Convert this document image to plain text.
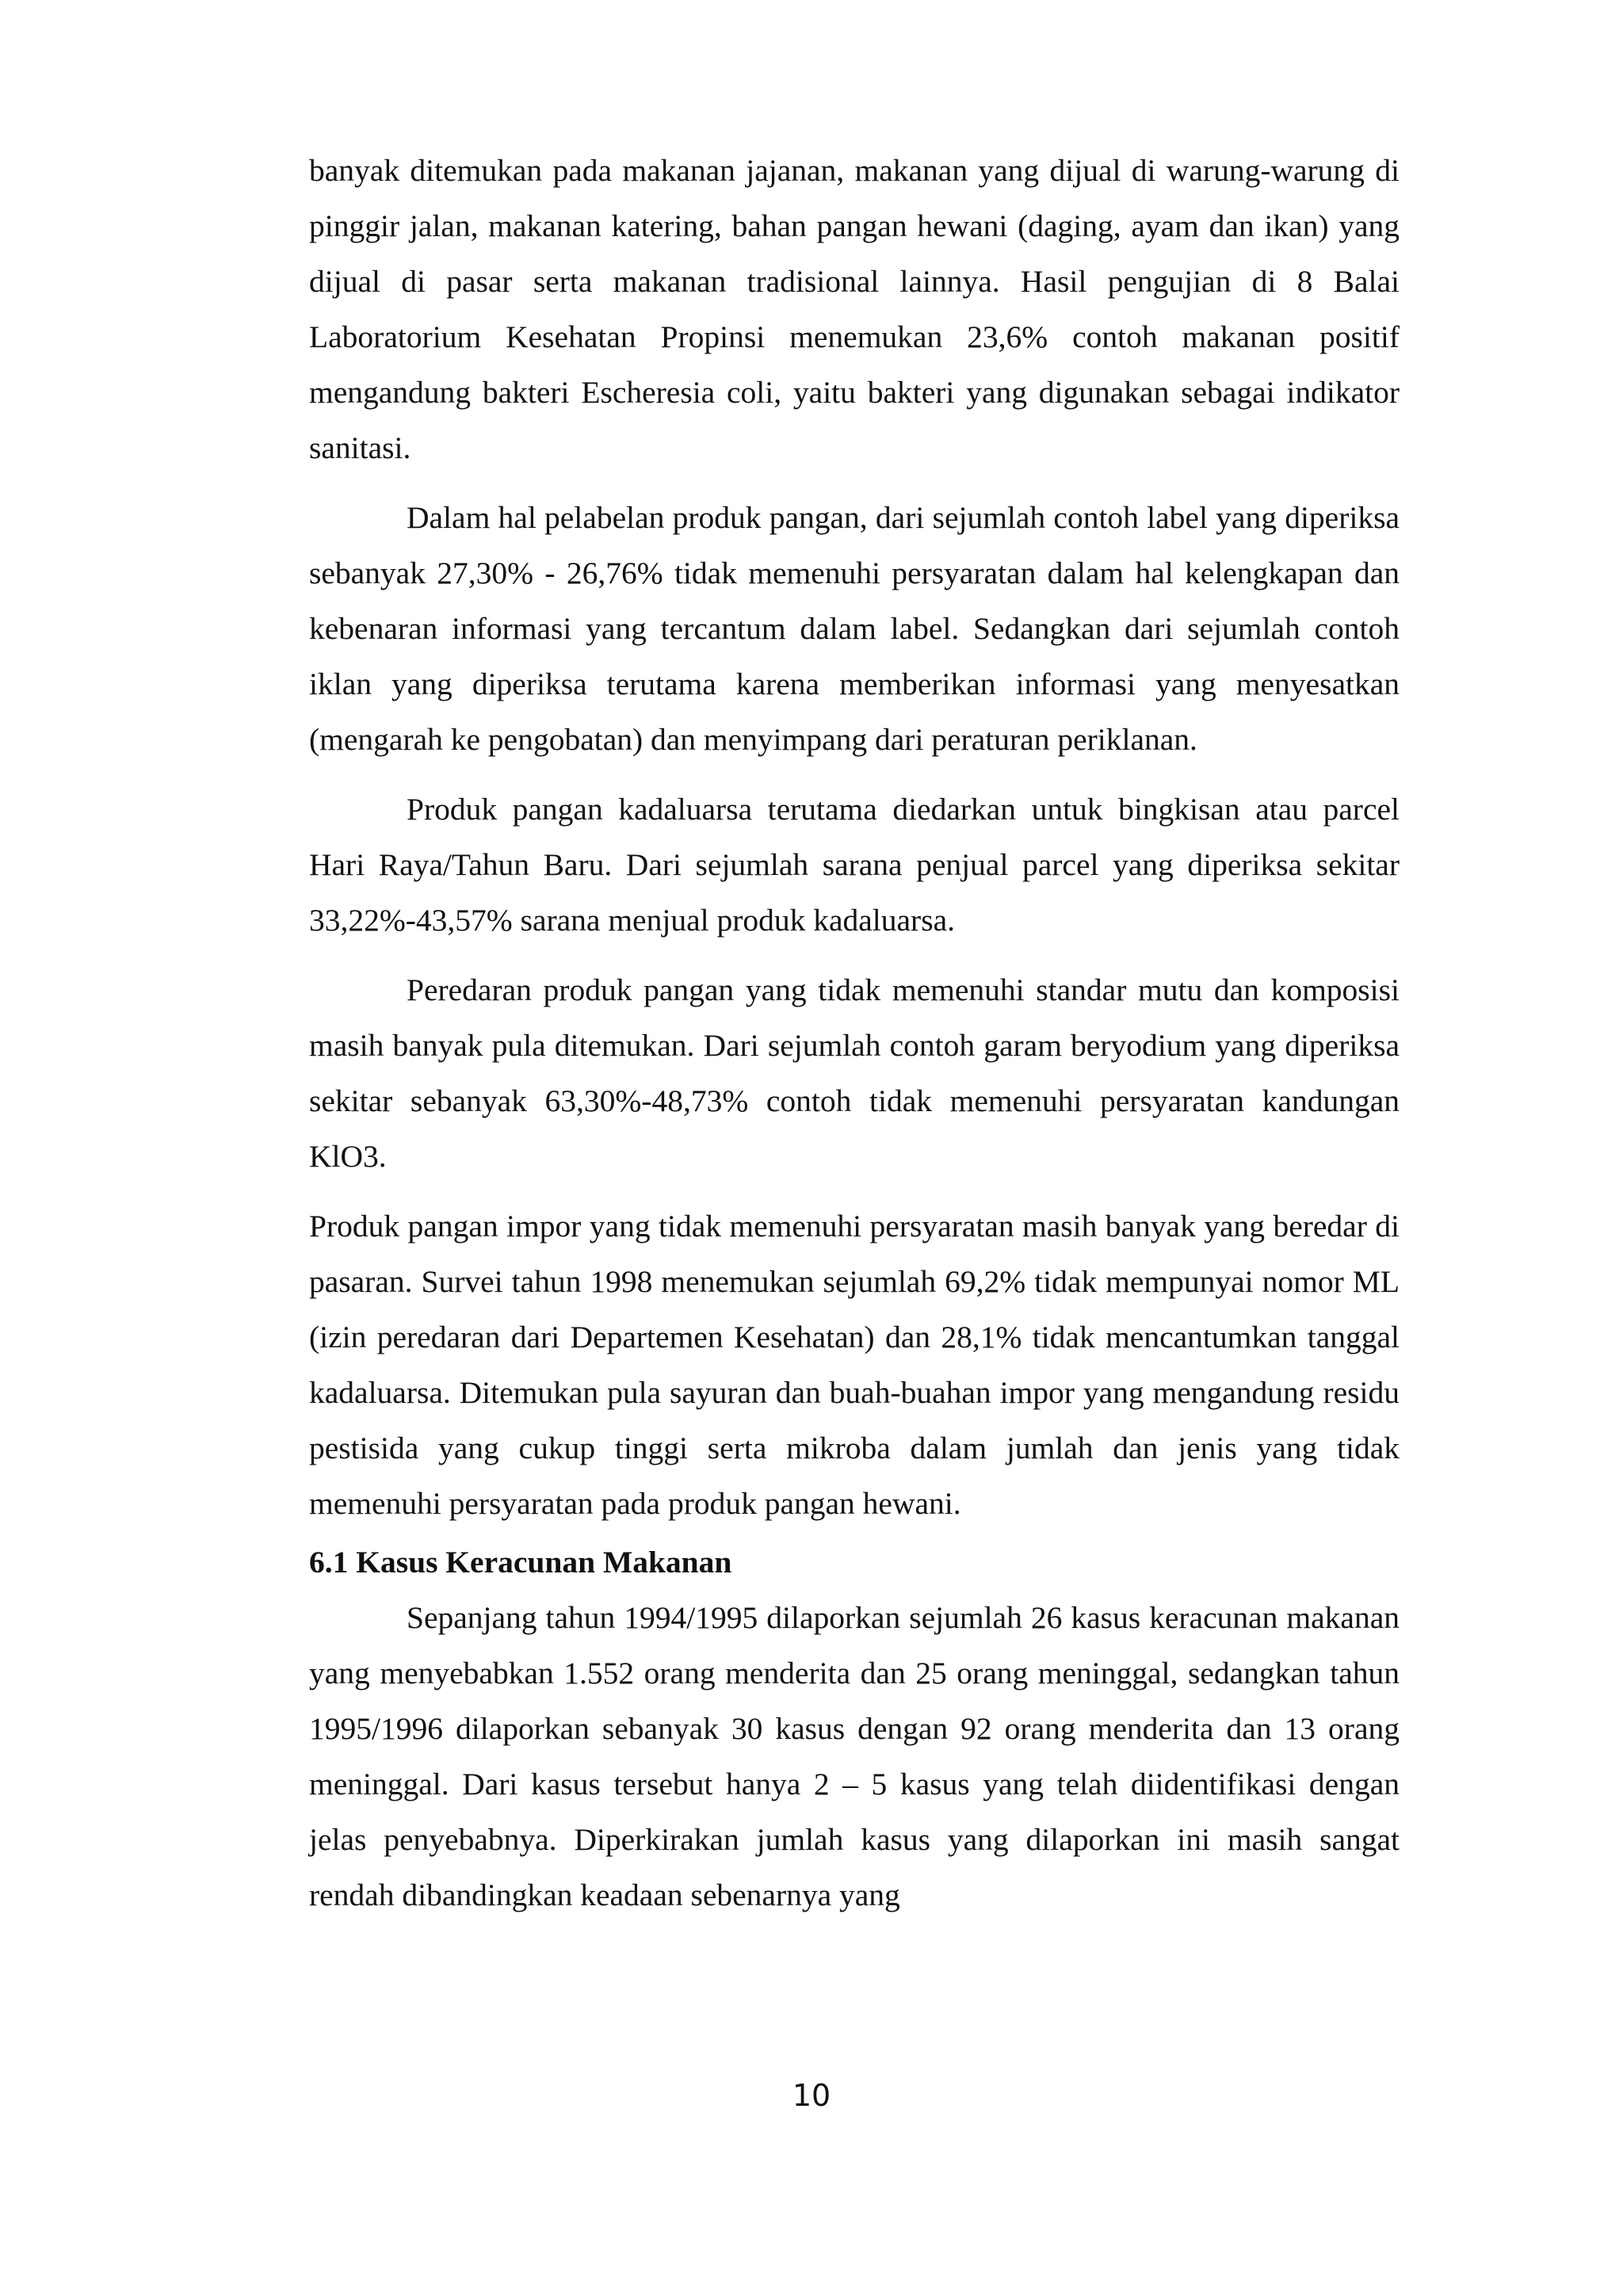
banyak ditemukan pada makanan jajanan, makanan yang dijual di warung-warung di pinggir jalan, makanan katering, bahan pangan hewani (daging, ayam dan ikan) yang dijual di pasar serta makanan tradisional lainnya. Hasil pengujian di 8 Balai Laboratorium Kesehatan Propinsi menemukan 23,6% contoh makanan positif mengandung bakteri Escheresia coli, yaitu bakteri yang digunakan sebagai indikator sanitasi.

Dalam hal pelabelan produk pangan, dari sejumlah contoh label yang diperiksa sebanyak 27,30% - 26,76% tidak memenuhi persyaratan dalam hal kelengkapan dan kebenaran informasi yang tercantum dalam label. Sedangkan dari sejumlah contoh iklan yang diperiksa terutama karena memberikan informasi yang menyesatkan (mengarah ke pengobatan) dan menyimpang dari peraturan periklanan.

Produk pangan kadaluarsa terutama diedarkan untuk bingkisan atau parcel Hari Raya/Tahun Baru. Dari sejumlah sarana penjual parcel yang diperiksa sekitar 33,22%-43,57% sarana menjual produk kadaluarsa.

Peredaran produk pangan yang tidak memenuhi standar mutu dan komposisi masih banyak pula ditemukan. Dari sejumlah contoh garam beryodium yang diperiksa sekitar sebanyak 63,30%-48,73% contoh tidak memenuhi persyaratan kandungan KlO3.

Produk pangan impor yang tidak memenuhi persyaratan masih banyak yang beredar di pasaran. Survei tahun 1998 menemukan sejumlah 69,2% tidak mempunyai nomor ML (izin peredaran dari Departemen Kesehatan) dan 28,1% tidak mencantumkan tanggal kadaluarsa. Ditemukan pula sayuran dan buah-buahan impor yang mengandung residu pestisida yang cukup tinggi serta mikroba dalam jumlah dan jenis yang tidak memenuhi persyaratan pada produk pangan hewani.

6.1 Kasus Keracunan Makanan

Sepanjang tahun 1994/1995 dilaporkan sejumlah 26 kasus keracunan makanan yang menyebabkan 1.552 orang menderita dan 25 orang meninggal, sedangkan tahun 1995/1996 dilaporkan sebanyak 30 kasus dengan 92 orang menderita dan 13 orang meninggal. Dari kasus tersebut hanya 2 – 5 kasus yang telah diidentifikasi dengan jelas penyebabnya. Diperkirakan jumlah kasus yang dilaporkan ini masih sangat rendah dibandingkan keadaan sebenarnya yang

10
